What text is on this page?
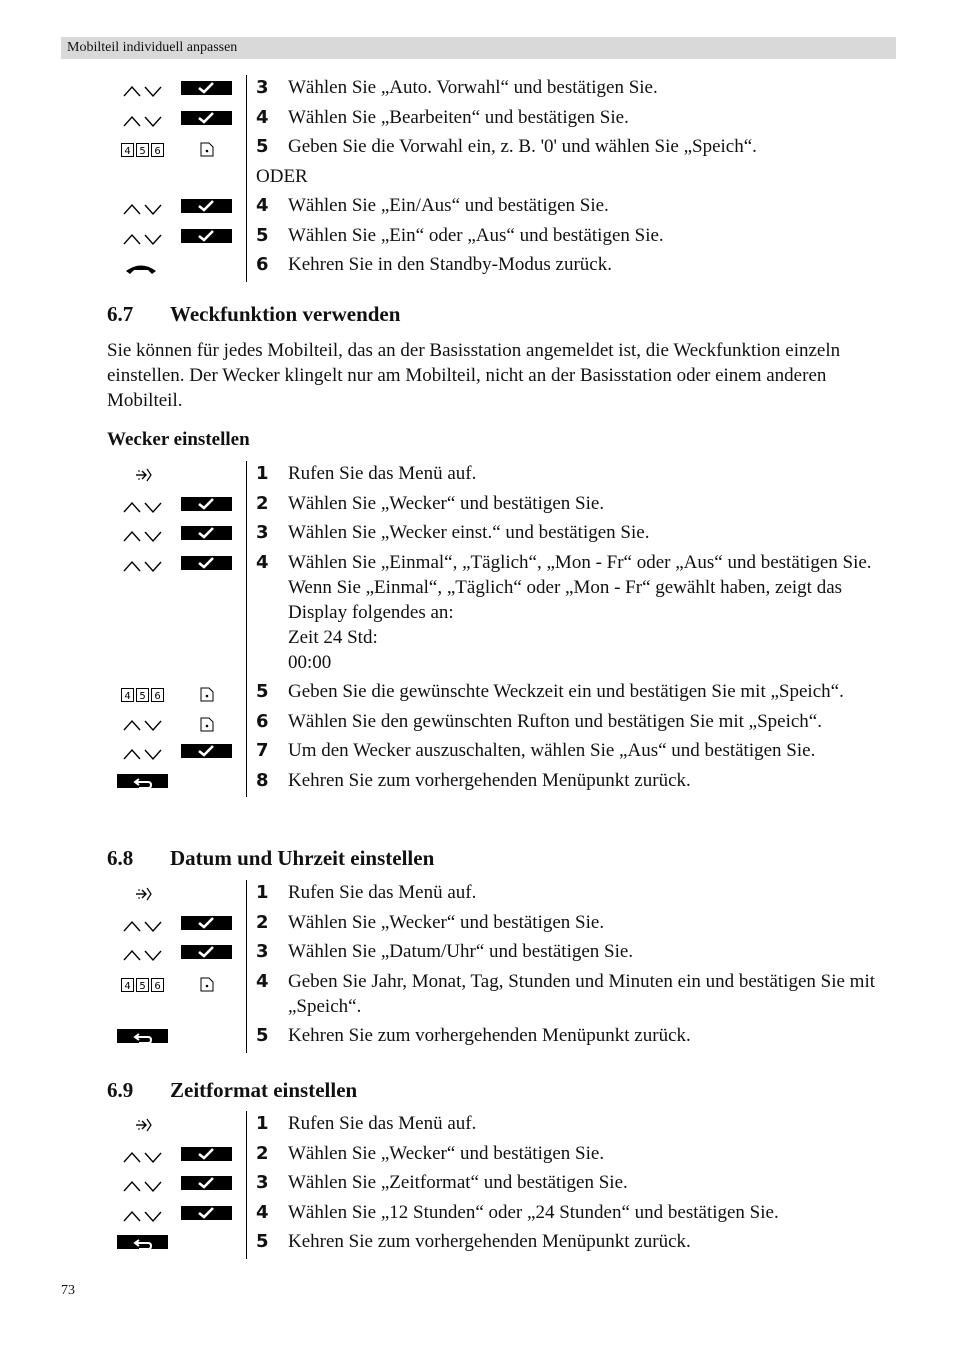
Mobilteil individuell anpassen
3 Wählen Sie „Auto. Vorwahl“ und bestätigen Sie.
4 Wählen Sie „Bearbeiten“ und bestätigen Sie.
4 5 6	5 Geben Sie die Vorwahl ein, z. B. '0' und wählen Sie „Speich“.
ODER
4 Wählen Sie „Ein/Aus“ und bestätigen Sie.
5 Wählen Sie „Ein“ oder „Aus“ und bestätigen Sie.
6 Kehren Sie in den Standby-Modus zurück.
6.7 Weckfunktion verwenden

Sie können für jedes Mobilteil, das an der Basisstation angemeldet ist, die Weckfunktion einzeln einstellen. Der Wecker klingelt nur am Mobilteil, nicht an der Basisstation oder einem anderen Mobilteil.

Wecker einstellen

1 Rufen Sie das Menü auf.
2 Wählen Sie „Wecker“ und bestätigen Sie.
3 Wählen Sie „Wecker einst.“ und bestätigen Sie.
4 Wählen Sie „Einmal“, „Täglich“, „Mon - Fr“ oder „Aus“ und bestätigen Sie.
Wenn Sie „Einmal“, „Täglich“ oder „Mon - Fr“ gewählt haben, zeigt das Display folgendes an:
Zeit 24 Std:
00:00
4 5 6	5 Geben Sie die gewünschte Weckzeit ein und bestätigen Sie mit „Speich“.
6 Wählen Sie den gewünschten Rufton und bestätigen Sie mit „Speich“.
7 Um den Wecker auszuschalten, wählen Sie „Aus“ und bestätigen Sie.
8 Kehren Sie zum vorhergehenden Menüpunkt zurück.
6.8 Datum und Uhrzeit einstellen
1 Rufen Sie das Menü auf.
2 Wählen Sie „Wecker“ und bestätigen Sie.
3 Wählen Sie „Datum/Uhr“ und bestätigen Sie.
4 5 6	4 Geben Sie Jahr, Monat, Tag, Stunden und Minuten ein und bestätigen Sie mit „Speich“.
5 Kehren Sie zum vorhergehenden Menüpunkt zurück.
6.9 Zeitformat einstellen
1 Rufen Sie das Menü auf.
2 Wählen Sie „Wecker“ und bestätigen Sie.
3 Wählen Sie „Zeitformat“ und bestätigen Sie.
4 Wählen Sie „12 Stunden“ oder „24 Stunden“ und bestätigen Sie.
5 Kehren Sie zum vorhergehenden Menüpunkt zurück.
73
